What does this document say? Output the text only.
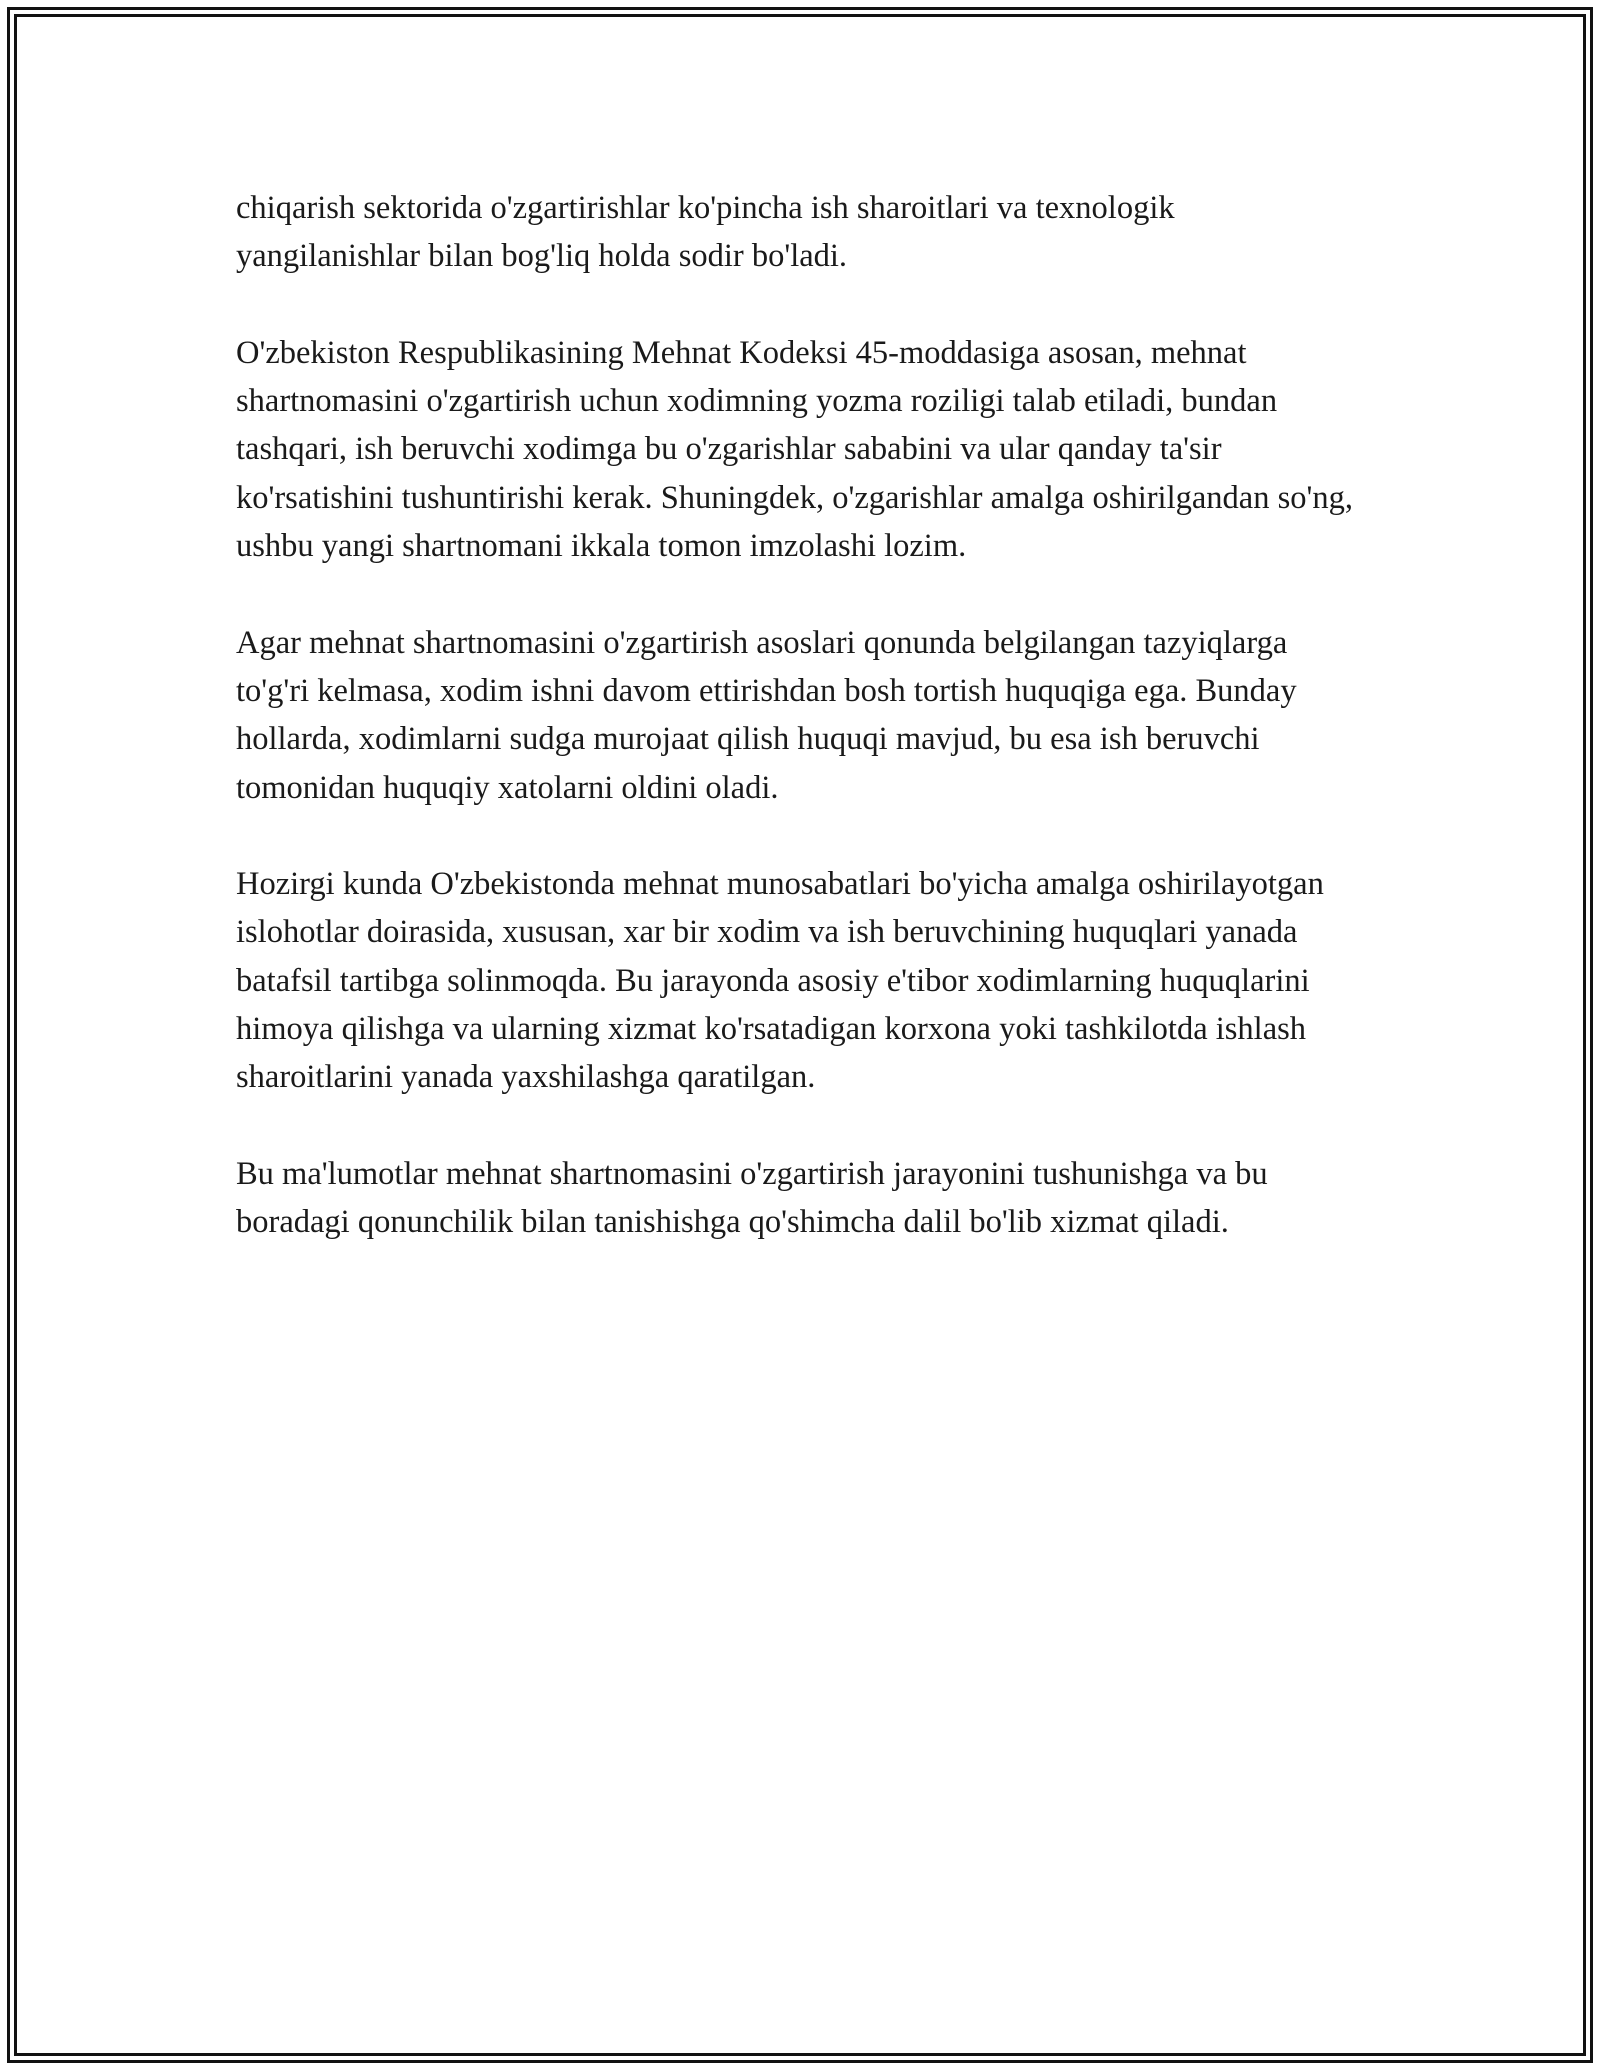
chiqarish sektorida o'zgartirishlar ko'pincha ish sharoitlari va texnologik yangilanishlar bilan bog'liq holda sodir bo'ladi.

O'zbekiston Respublikasining Mehnat Kodeksi 45-moddasiga asosan, mehnat shartnomasini o'zgartirish uchun xodimning yozma roziligi talab etiladi, bundan tashqari, ish beruvchi xodimga bu o'zgarishlar sababini va ular qanday ta'sir ko'rsatishini tushuntirishi kerak. Shuningdek, o'zgarishlar amalga oshirilgandan so'ng, ushbu yangi shartnomani ikkala tomon imzolashi lozim.

Agar mehnat shartnomasini o'zgartirish asoslari qonunda belgilangan tazyiqlarga to'g'ri kelmasa, xodim ishni davom ettirishdan bosh tortish huquqiga ega. Bunday hollarda, xodimlarni sudga murojaat qilish huquqi mavjud, bu esa ish beruvchi tomonidan huquqiy xatolarni oldini oladi.

Hozirgi kunda O'zbekistonda mehnat munosabatlari bo'yicha amalga oshirilayotgan islohotlar doirasida, xususan, xar bir xodim va ish beruvchining huquqlari yanada batafsil tartibga solinmoqda. Bu jarayonda asosiy e'tibor xodimlarning huquqlarini himoya qilishga va ularning xizmat ko'rsatadigan korxona yoki tashkilotda ishlash sharoitlarini yanada yaxshilashga qaratilgan.

Bu ma'lumotlar mehnat shartnomasini o'zgartirish jarayonini tushunishga va bu boradagi qonunchilik bilan tanishishga qo'shimcha dalil bo'lib xizmat qiladi.
